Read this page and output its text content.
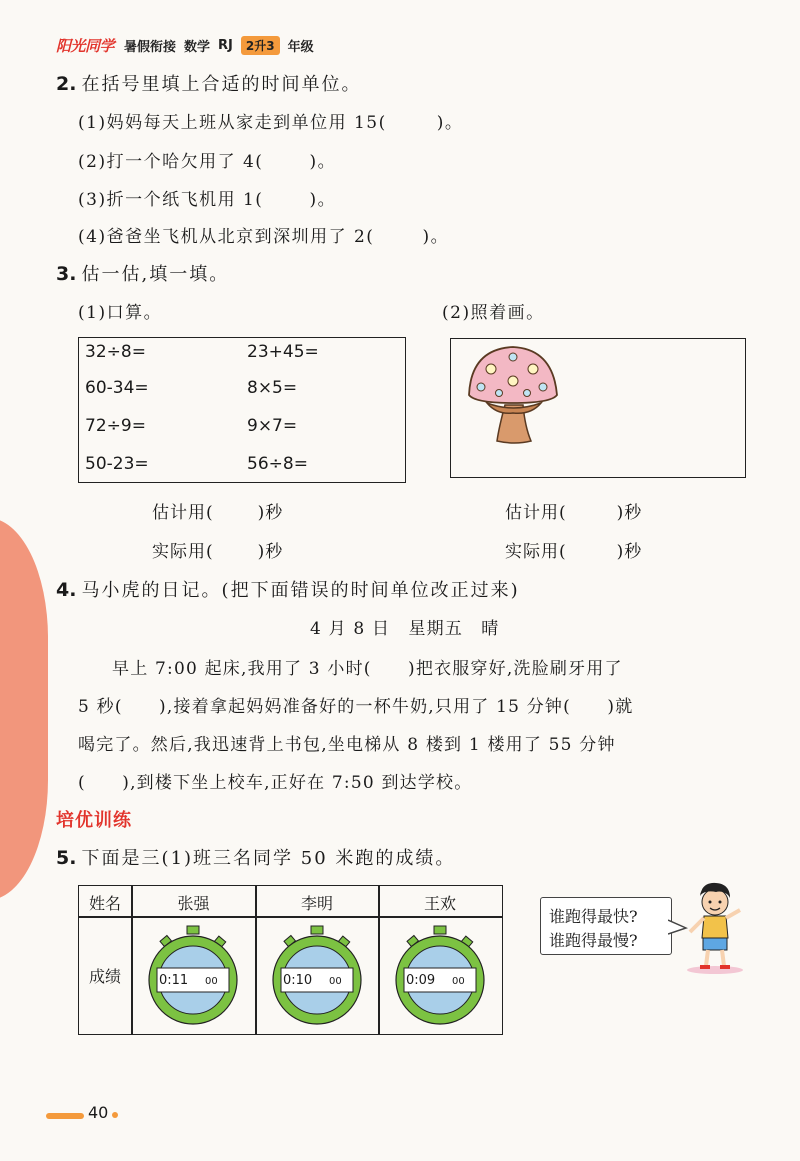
阳光同学 暑假衔接 数学 RJ	2升3	年级
2. 在括号里填上合适的时间单位。
(1)妈妈每天上班从家走到单位用 15(	)。
(2)打一个哈欠用了 4(	)。
(3)折一个纸飞机用 1(	)。
(4)爸爸坐飞机从北京到深圳用了 2(	)。
3. 估一估,填一填。
(1)口算。	(2)照着画。
32÷8=	23+45=
60-34=	8×5=
72÷9=	9×7=
50-23=	56÷8=
估计用(	)秒
实际用(	)秒
估计用(	)秒
实际用(	)秒
4. 马小虎的日记。(把下面错误的时间单位改正过来)
4 月 8 日　星期五　晴
早上 7:00 起床,我用了 3 小时(　　)把衣服穿好,洗脸刷牙用了
5 秒(　　),接着拿起妈妈准备好的一杯牛奶,只用了 15 分钟(　　)就
喝完了。然后,我迅速背上书包,坐电梯从 8 楼到 1 楼用了 55 分钟
(　　),到楼下坐上校车,正好在 7:50 到达学校。
培优训练
5. 下面是三(1)班三名同学 50 米跑的成绩。
姓名	张强	李明	王欢
成绩	0:11 00	0:10 00	0:09 00
谁跑得最快?
谁跑得最慢?
40
